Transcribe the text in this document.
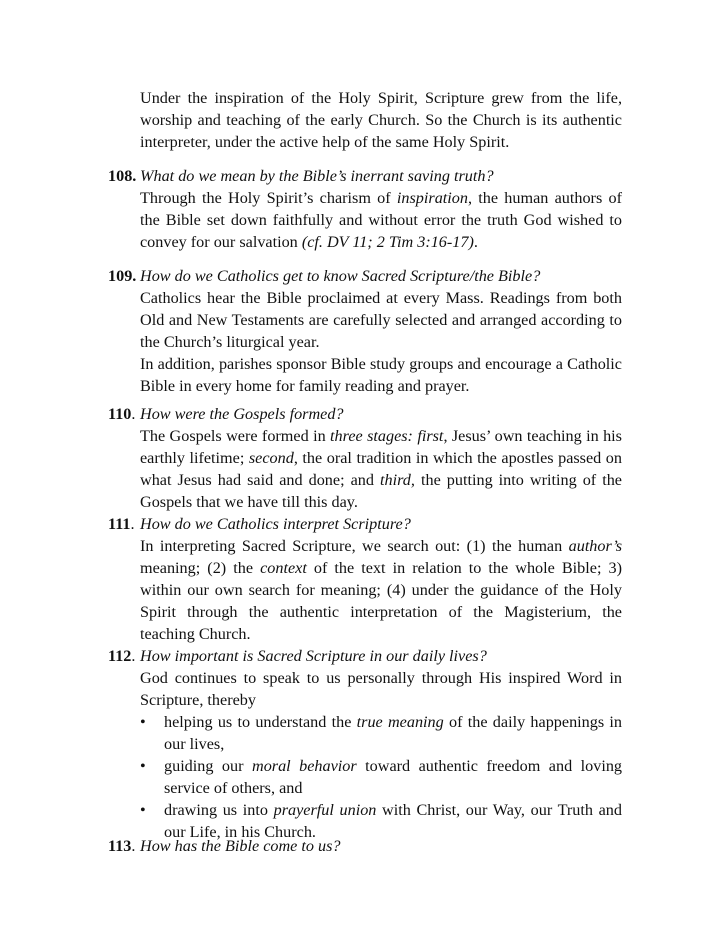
Under the inspiration of the Holy Spirit, Scripture grew from the life, worship and teaching of the early Church. So the Church is its authentic interpreter, under the active help of the same Holy Spirit.

108. What do we mean by the Bible’s inerrant saving truth?

Through the Holy Spirit’s charism of inspiration, the human authors of the Bible set down faithfully and without error the truth God wished to convey for our salvation (cf. DV 11; 2 Tim 3:16-17).

109. How do we Catholics get to know Sacred Scripture/the Bible?

Catholics hear the Bible proclaimed at every Mass. Readings from both Old and New Testaments are carefully selected and arranged according to the Church’s liturgical year.

In addition, parishes sponsor Bible study groups and encourage a Catholic Bible in every home for family reading and prayer.

110. How were the Gospels formed?

The Gospels were formed in three stages: first, Jesus’ own teaching in his earthly lifetime; second, the oral tradition in which the apostles passed on what Jesus had said and done; and third, the putting into writing of the Gospels that we have till this day.

111. How do we Catholics interpret Scripture?

In interpreting Sacred Scripture, we search out: (1) the human author’s meaning; (2) the context of the text in relation to the whole Bible; 3) within our own search for meaning; (4) under the guidance of the Holy Spirit through the authentic interpretation of the Magisterium, the teaching Church.

112. How important is Sacred Scripture in our daily lives?

God continues to speak to us personally through His inspired Word in Scripture, thereby

• helping us to understand the true meaning of the daily happenings in our lives,
• guiding our moral behavior toward authentic freedom and loving service of others, and
• drawing us into prayerful union with Christ, our Way, our Truth and our Life, in his Church.
113. How has the Bible come to us?
